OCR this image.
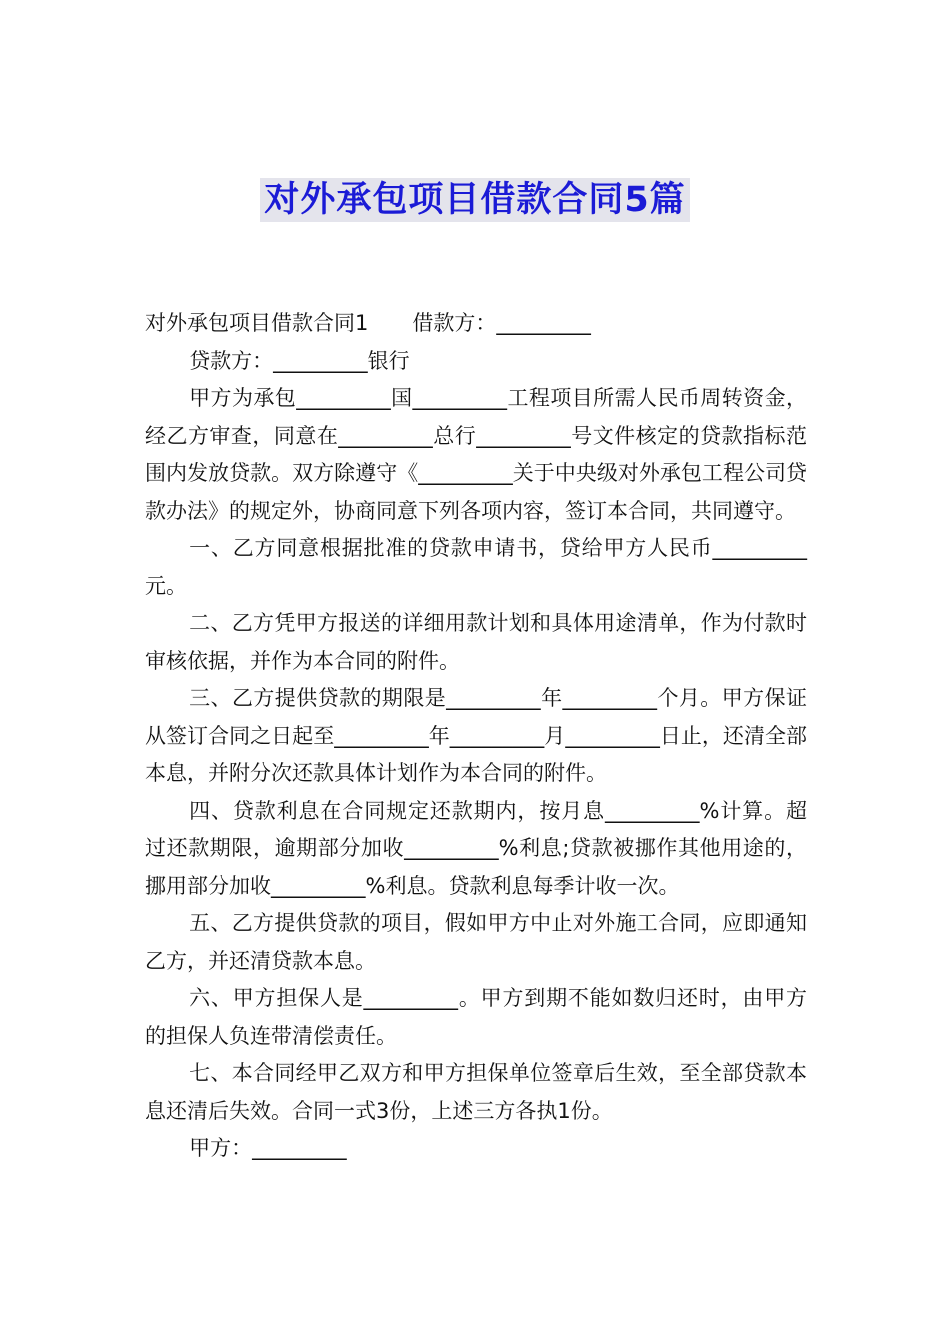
对外承包项目借款合同5篇

对外承包项目借款合同1 借款方：_________

贷款方：_________银行

甲方为承包_________国_________工程项目所需人民币周转资金，经乙方审查，同意在_________总行_________号文件核定的贷款指标范围内发放贷款。双方除遵守《_________关于中央级对外承包工程公司贷款办法》的规定外，协商同意下列各项内容，签订本合同，共同遵守。

一、乙方同意根据批准的贷款申请书，贷给甲方人民币_________元。

二、乙方凭甲方报送的详细用款计划和具体用途清单，作为付款时审核依据，并作为本合同的附件。

三、乙方提供贷款的期限是_________年_________个月。甲方保证从签订合同之日起至_________年_________月_________日止，还清全部本息，并附分次还款具体计划作为本合同的附件。

四、贷款利息在合同规定还款期内，按月息_________%计算。超过还款期限，逾期部分加收_________%利息;贷款被挪作其他用途的，挪用部分加收_________%利息。贷款利息每季计收一次。

五、乙方提供贷款的项目，假如甲方中止对外施工合同，应即通知乙方，并还清贷款本息。

六、甲方担保人是_________。甲方到期不能如数归还时，由甲方的担保人负连带清偿责任。

七、本合同经甲乙双方和甲方担保单位签章后生效，至全部贷款本息还清后失效。合同一式3份，上述三方各执1份。

甲方：_________
